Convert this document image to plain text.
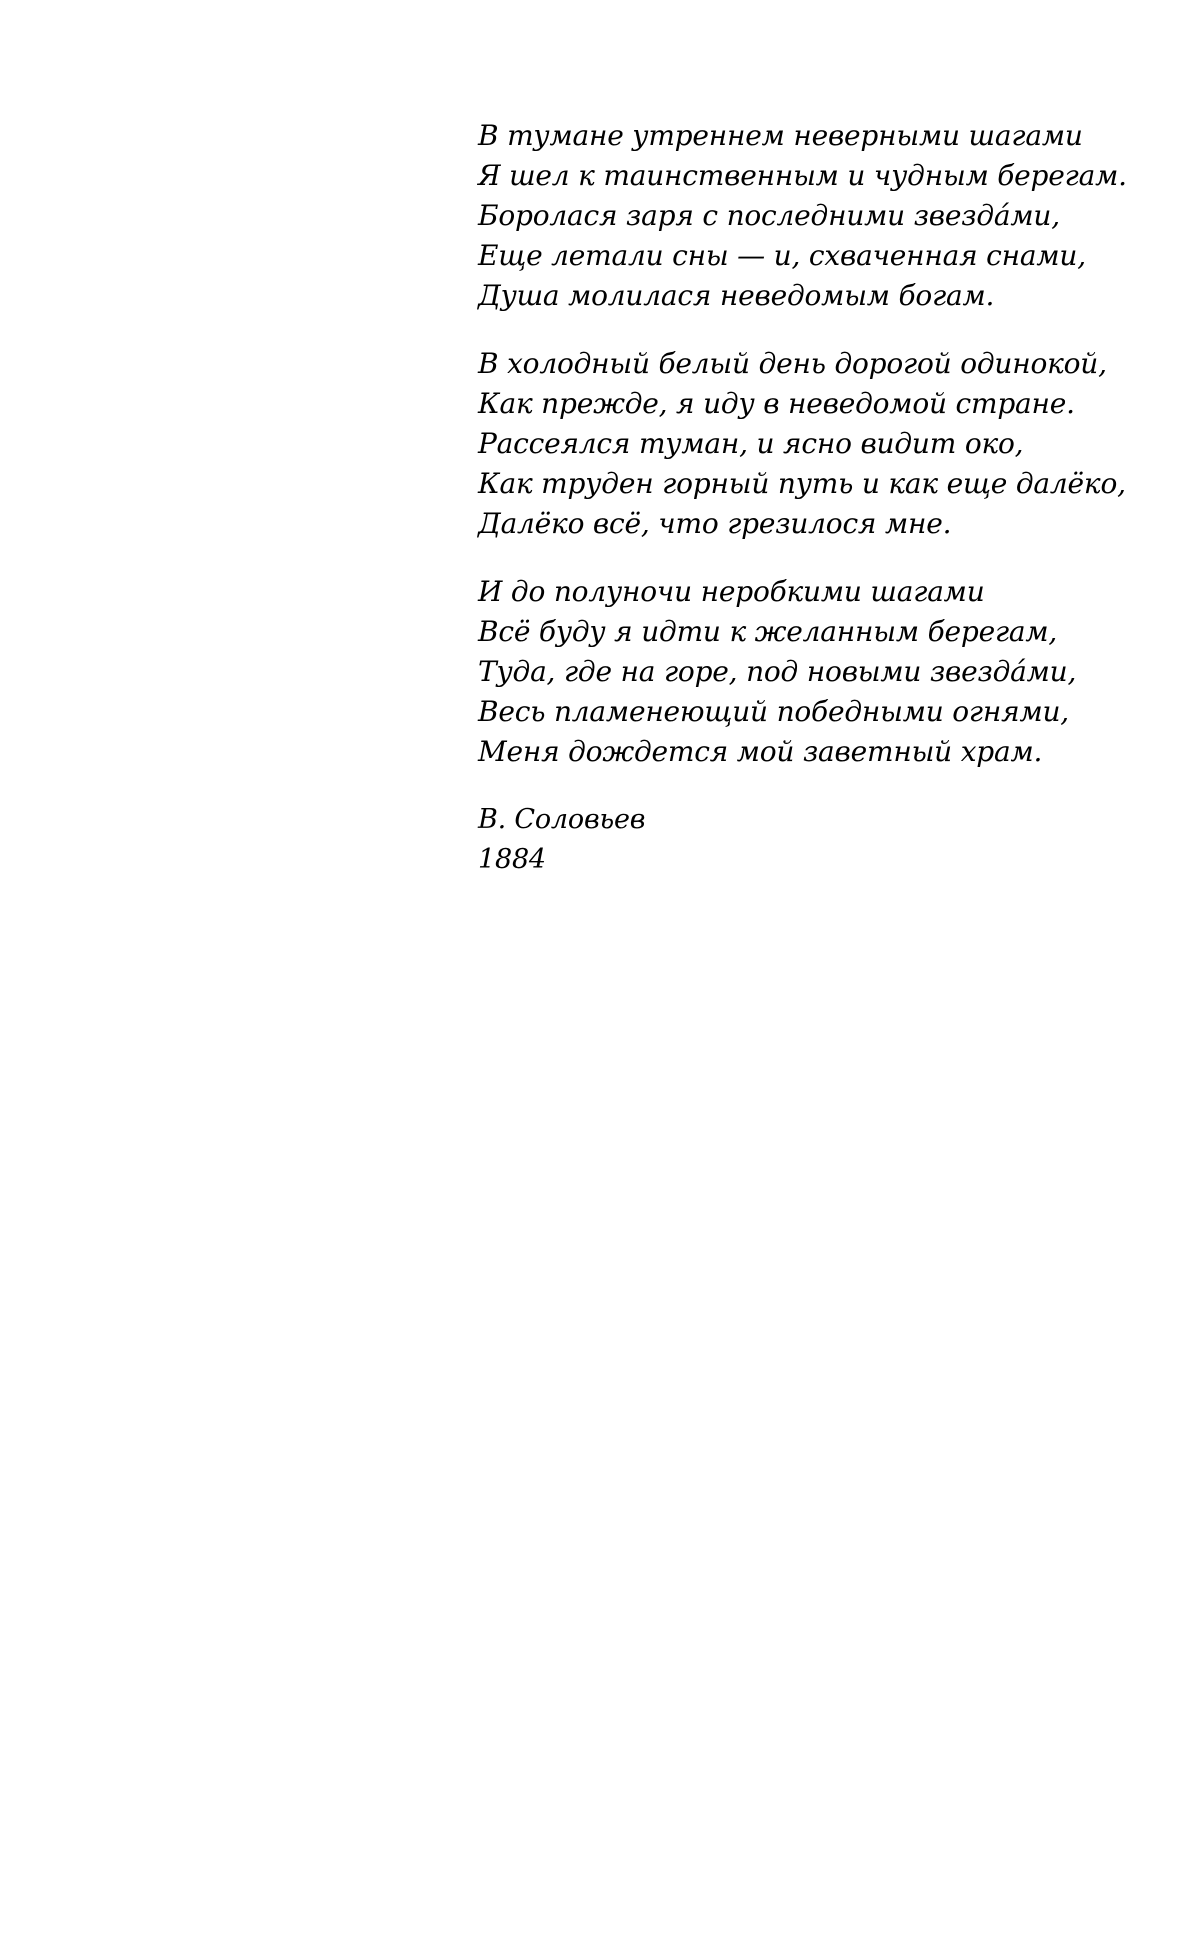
В тумане утреннем неверными шагами
Я шел к таинственным и чудным берегам.
Боролася заря с последними звездáми,
Еще летали сны — и, схваченная снами,
Душа молилася неведомым богам.
В холодный белый день дорогой одинокой,
Как прежде, я иду в неведомой стране.
Рассеялся туман, и ясно видит око,
Как труден горный путь и как еще далёко,
Далёко всё, что грезилося мне.
И до полуночи неробкими шагами
Всё буду я идти к желанным берегам,
Туда, где на горе, под новыми звездáми,
Весь пламенеющий победными огнями,
Меня дождется мой заветный храм.
В. Соловьев
1884
